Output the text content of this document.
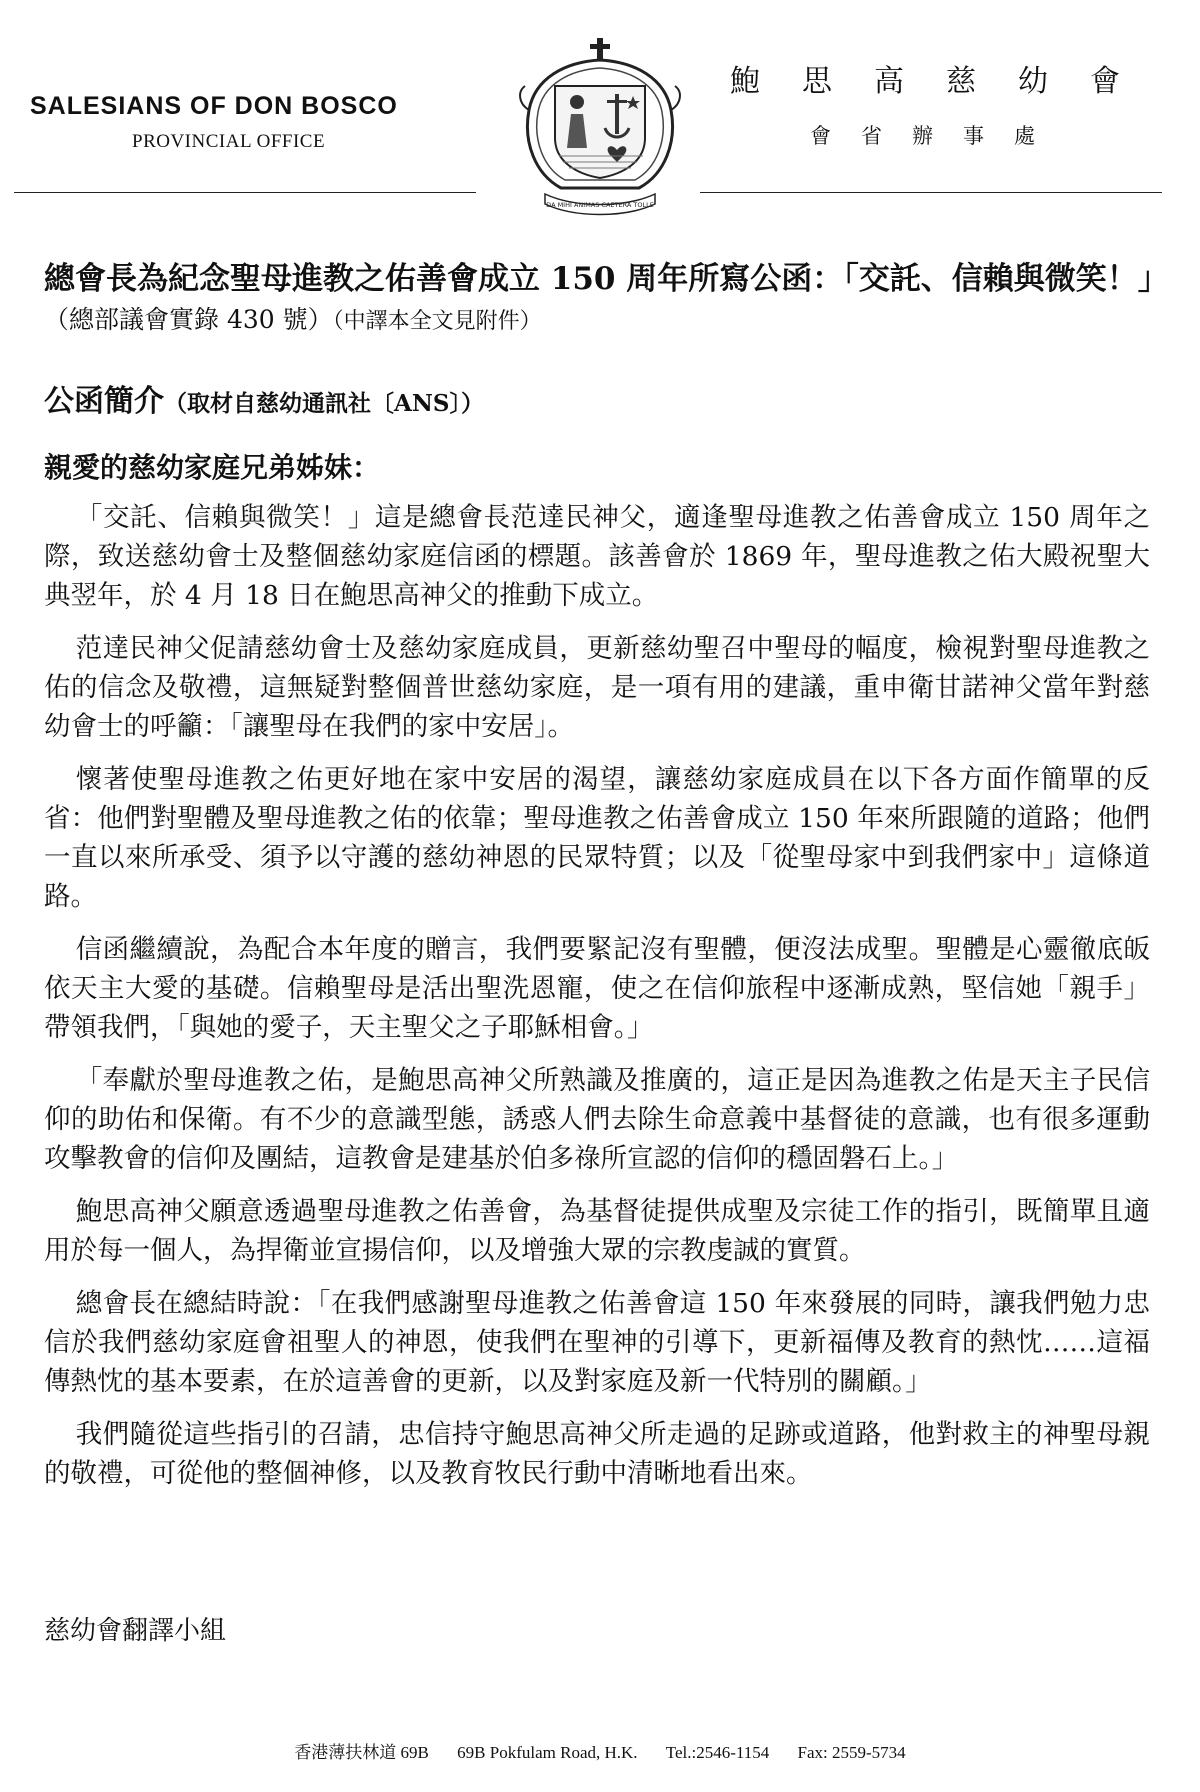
SALESIANS OF DON BOSCO

PROVINCIAL OFFICE

DA MIHI ANIMAS CAETERA TOLLE

鮑思高慈幼會

會省辦事處

總會長為紀念聖母進教之佑善會成立 150 周年所寫公函：「交託、信賴與微笑！」

（總部議會實錄 430 號）（中譯本全文見附件）

公函簡介（取材自慈幼通訊社〔ANS〕）

親愛的慈幼家庭兄弟姊妹：

「交託、信賴與微笑！」這是總會長范達民神父，適逢聖母進教之佑善會成立 150 周年之際，致送慈幼會士及整個慈幼家庭信函的標題。該善會於 1869 年，聖母進教之佑大殿祝聖大典翌年，於 4 月 18 日在鮑思高神父的推動下成立。

范達民神父促請慈幼會士及慈幼家庭成員，更新慈幼聖召中聖母的幅度，檢視對聖母進教之佑的信念及敬禮，這無疑對整個普世慈幼家庭，是一項有用的建議，重申衛甘諾神父當年對慈幼會士的呼籲：「讓聖母在我們的家中安居」。

懷著使聖母進教之佑更好地在家中安居的渴望，讓慈幼家庭成員在以下各方面作簡單的反省：他們對聖體及聖母進教之佑的依靠；聖母進教之佑善會成立 150 年來所跟隨的道路；他們一直以來所承受、須予以守護的慈幼神恩的民眾特質；以及「從聖母家中到我們家中」這條道路。

信函繼續說，為配合本年度的贈言，我們要緊記沒有聖體，便沒法成聖。聖體是心靈徹底皈依天主大愛的基礎。信賴聖母是活出聖洗恩寵，使之在信仰旅程中逐漸成熟，堅信她「親手」帶領我們，「與她的愛子，天主聖父之子耶穌相會。」

「奉獻於聖母進教之佑，是鮑思高神父所熟識及推廣的，這正是因為進教之佑是天主子民信仰的助佑和保衛。有不少的意識型態，誘惑人們去除生命意義中基督徒的意識，也有很多運動攻擊教會的信仰及團結，這教會是建基於伯多祿所宣認的信仰的穩固磐石上。」

鮑思高神父願意透過聖母進教之佑善會，為基督徒提供成聖及宗徒工作的指引，既簡單且適用於每一個人，為捍衛並宣揚信仰，以及增強大眾的宗教虔誠的實質。

總會長在總結時說：「在我們感謝聖母進教之佑善會這 150 年來發展的同時，讓我們勉力忠信於我們慈幼家庭會祖聖人的神恩，使我們在聖神的引導下，更新福傳及教育的熱忱……這福傳熱忱的基本要素，在於這善會的更新，以及對家庭及新一代特別的關顧。」

我們隨從這些指引的召請，忠信持守鮑思高神父所走過的足跡或道路，他對救主的神聖母親的敬禮，可從他的整個神修，以及教育牧民行動中清晰地看出來。

慈幼會翻譯小組

香港薄扶林道 69B 69B Pokfulam Road, H.K. Tel.:2546-1154 Fax: 2559-5734
